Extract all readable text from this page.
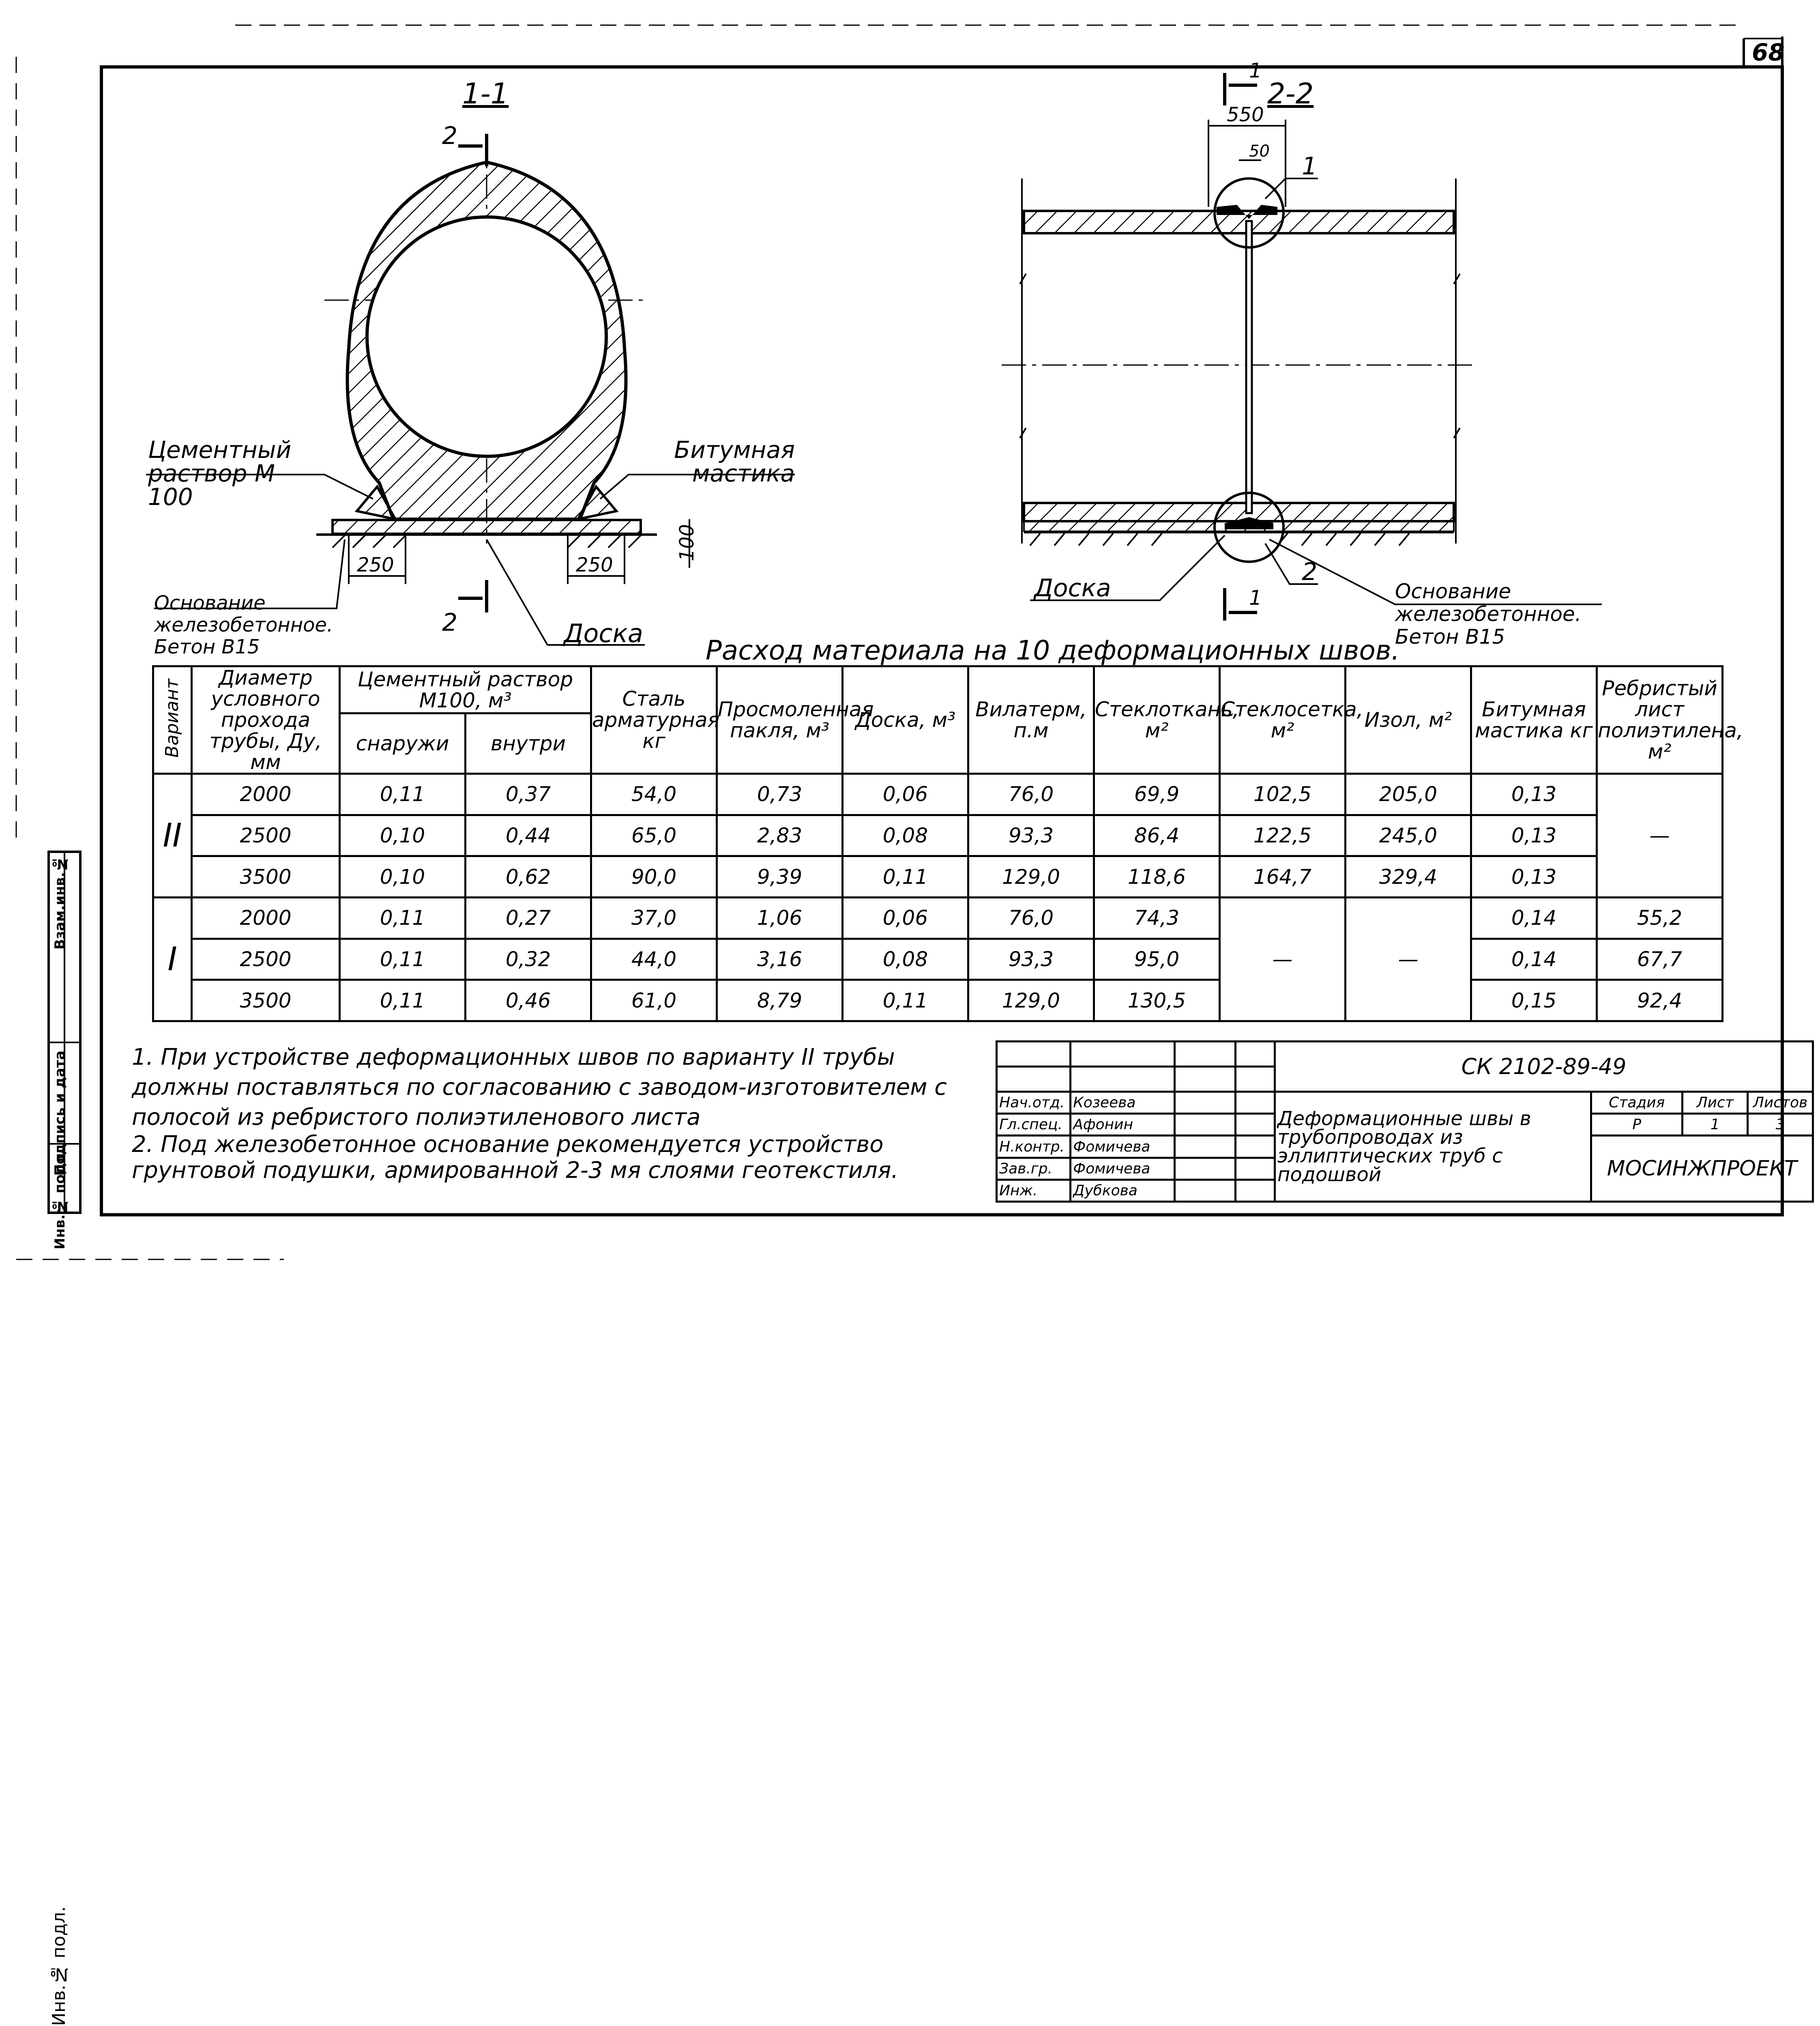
68
1-1	2-2
2
2
Цементный раствор М 100
Битумная мастика
Основание железобетонное. Бетон В15	Доска
250	250
100
1
1
550
50
1
2
Доска	Основание железобетонное. Бетон В15
Расход материала на 10 деформационных швов.
Вариант	Диаметр условного прохода трубы, Ду, мм	Цементный раствор М100, м³		Сталь арматурная кг	Просмоленная пакля, м³	Доска, м³	Вилатерм, п.м	Стеклоткань, м²	Стеклосетка, м²	Изол, м²	Битумная мастика кг	Ребристый лист полиэтилена, м²
		снаружи	внутри									
II	2000	0,11	0,37	54,0	0,73	0,06	76,0	69,9	102,5	205,0	0,13	—
	2500	0,10	0,44	65,0	2,83	0,08	93,3	86,4	122,5	245,0	0,13	
	3500	0,10	0,62	90,0	9,39	0,11	129,0	118,6	164,7	329,4	0,13	
I	2000	0,11	0,27	37,0	1,06	0,06	76,0	74,3	—	—	0,14	55,2
	2500	0,11	0,32	44,0	3,16	0,08	93,3	95,0			0,14	67,7
	3500	0,11	0,46	61,0	8,79	0,11	129,0	130,5			0,15	92,4
1. При устройстве деформационных швов по варианту II трубы должны поставляться по согласованию с заводом-изготовителем с полосой из ребристого полиэтиленового листа
2. Под железобетонное основание рекомендуется устройство грунтовой подушки, армированной 2-3 мя слоями геотекстиля.
				СК 2102-89-49			

Нач.отд.	Козеева			Деформационные швы в трубопроводах из эллиптических труб с подошвой	Стадия	Лист	Листов
Гл.спец.	Афонин				Р	1	3
Н.контр.	Фомичева				МОСИНЖПРОЕКТ		
Зав.гр.	Фомичева						
Инж.	Дубкова						
Инв.№ подл.
Инв.№ подл.
Подпись и дата
Взам.инв.№
